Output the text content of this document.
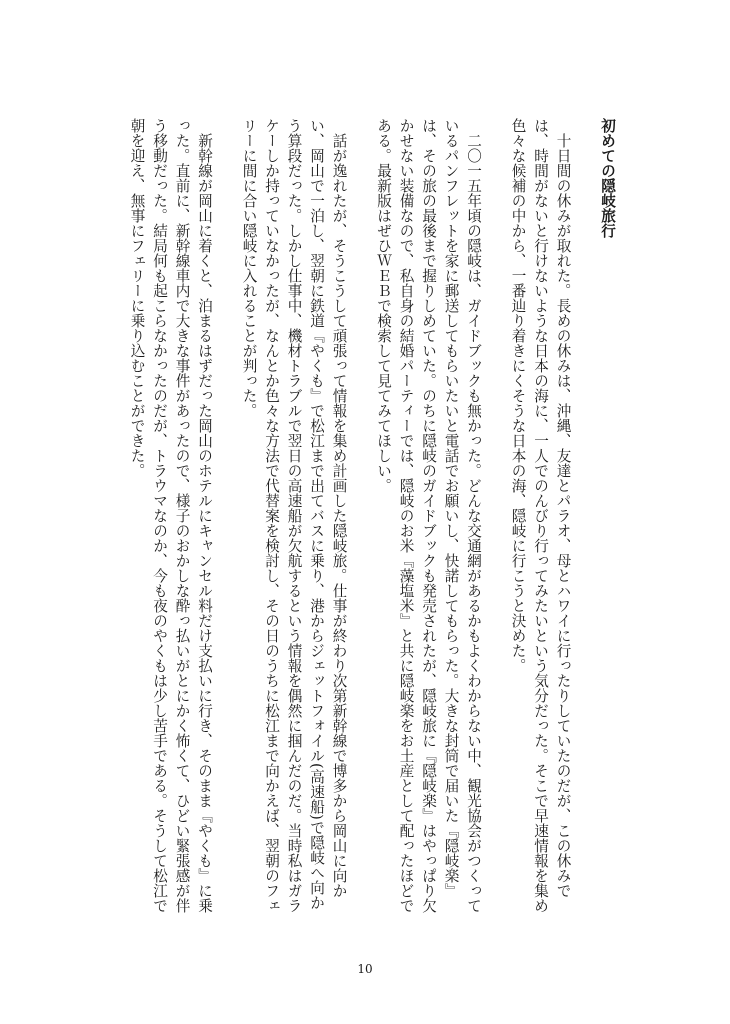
初めての隠岐旅行

十日間の休みが取れた。長めの休みは、沖縄、友達とパラオ、母とハワイに行ったりしていたのだが、この休みでは、時間がないと行けないような日本の海に、一人でのんびり行ってみたいという気分だった。そこで早速情報を集め色々な候補の中から、一番辿り着きにくそうな日本の海、隠岐に行こうと決めた。

二〇一五年頃の隠岐は、ガイドブックも無かった。どんな交通網があるかもよくわからない中、観光協会がつくっているパンフレットを家に郵送してもらいたいと電話でお願いし、快諾してもらった。大きな封筒で届いた『隠岐楽』は、その旅の最後まで握りしめていた。のちに隠岐のガイドブックも発売されたが、隠岐旅に『隠岐楽』はやっぱり欠かせない装備なので、私自身の結婚パーティーでは、隠岐のお米『藻塩米』と共に隠岐楽をお土産として配ったほどである。最新版はぜひＷＥＢで検索して見てみてほしい。

話が逸れたが、そうこうして頑張って情報を集め計画した隠岐旅。仕事が終わり次第新幹線で博多から岡山に向かい、岡山で一泊し、翌朝に鉄道『やくも』で松江まで出てバスに乗り、港からジェットフォイル(高速船)で隠岐へ向かう算段だった。しかし仕事中、機材トラブルで翌日の高速船が欠航するという情報を偶然に掴んだのだ。当時私はガラケーしか持っていなかったが、なんとか色々な方法で代替案を検討し、その日のうちに松江まで向かえば、翌朝のフェリーに間に合い隠岐に入れることが判った。

新幹線が岡山に着くと、泊まるはずだった岡山のホテルにキャンセル料だけ支払いに行き、そのまま『やくも』に乗った。直前に、新幹線車内で大きな事件があったので、様子のおかしな酔っ払いがとにかく怖くて、ひどい緊張感が伴う移動だった。結局何も起こらなかったのだが、トラウマなのか、今も夜のやくもは少し苦手である。そうして松江で朝を迎え、無事にフェリーに乗り込むことができた。

10
